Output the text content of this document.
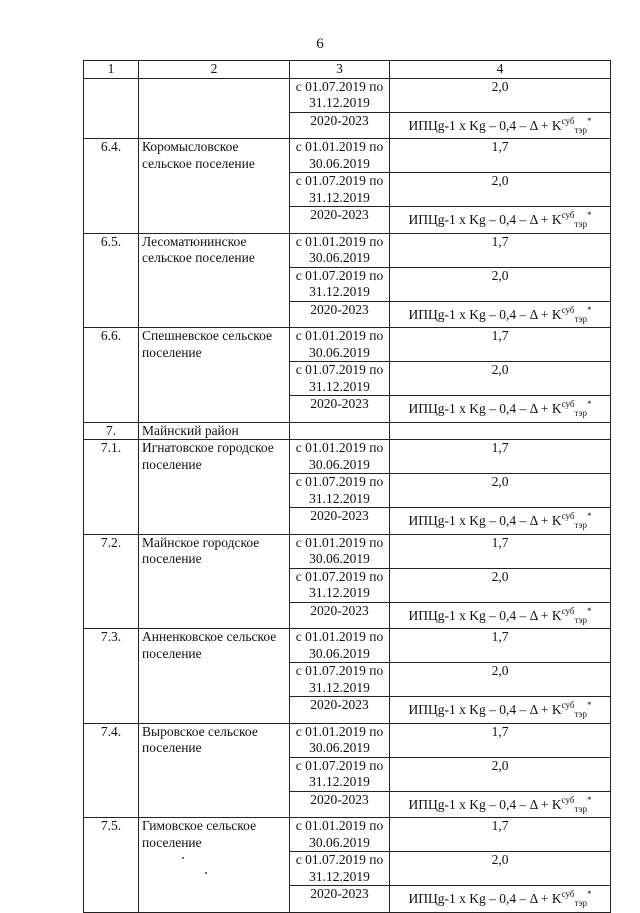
6
1	2	3	4
		с 01.07.2019 по 31.12.2019	2,0
		2020-2023	ИПЦg-1 x $Kg - 0,4 - \Delta + K^{суб}_{тэр}^*$
6.4.	Коромысловское сельское поселение	с 01.01.2019 по 30.06.2019	1,7
		с 01.07.2019 по 31.12.2019	2,0
		2020-2023	ИПЦg-1 x $Kg - 0,4 - \Delta + K^{суб}_{тэр}^*$
6.5.	Лесоматюнинское сельское поселение	с 01.01.2019 по 30.06.2019	1,7
		с 01.07.2019 по 31.12.2019	2,0
		2020-2023	ИПЦg-1 x $Kg - 0,4 - \Delta + K^{суб}_{тэр}^*$
6.6.	Спешневское сельское поселение	с 01.01.2019 по 30.06.2019	1,7
		с 01.07.2019 по 31.12.2019	2,0
		2020-2023	ИПЦg-1 x $Kg - 0,4 - \Delta + K^{суб}_{тэр}^*$
7.	Майнский район		
7.1.	Игнатовское городское поселение	с 01.01.2019 по 30.06.2019	1,7
		с 01.07.2019 по 31.12.2019	2,0
		2020-2023	ИПЦg-1 x $Kg - 0,4 - \Delta + K^{суб}_{тэр}^*$
7.2.	Майнское городское поселение	с 01.01.2019 по 30.06.2019	1,7
		с 01.07.2019 по 31.12.2019	2,0
		2020-2023	ИПЦg-1 x $Kg - 0,4 - \Delta + K^{суб}_{тэр}^*$
7.3.	Анненковское сельское поселение	с 01.01.2019 по 30.06.2019	1,7
		с 01.07.2019 по 31.12.2019	2,0
		2020-2023	ИПЦg-1 x $Kg - 0,4 - \Delta + K^{суб}_{тэр}^*$
7.4.	Выровское сельское поселение	с 01.01.2019 по 30.06.2019	1,7
		с 01.07.2019 по 31.12.2019	2,0
		2020-2023	ИПЦg-1 x $Kg - 0,4 - \Delta + K^{суб}_{тэр}^*$
7.5.	Гимовское сельское поселение	с 01.01.2019 по 30.06.2019	1,7
		с 01.07.2019 по 31.12.2019	2,0
		2020-2023	ИПЦg-1 x $Kg - 0,4 - \Delta + K^{суб}_{тэр}^*$
